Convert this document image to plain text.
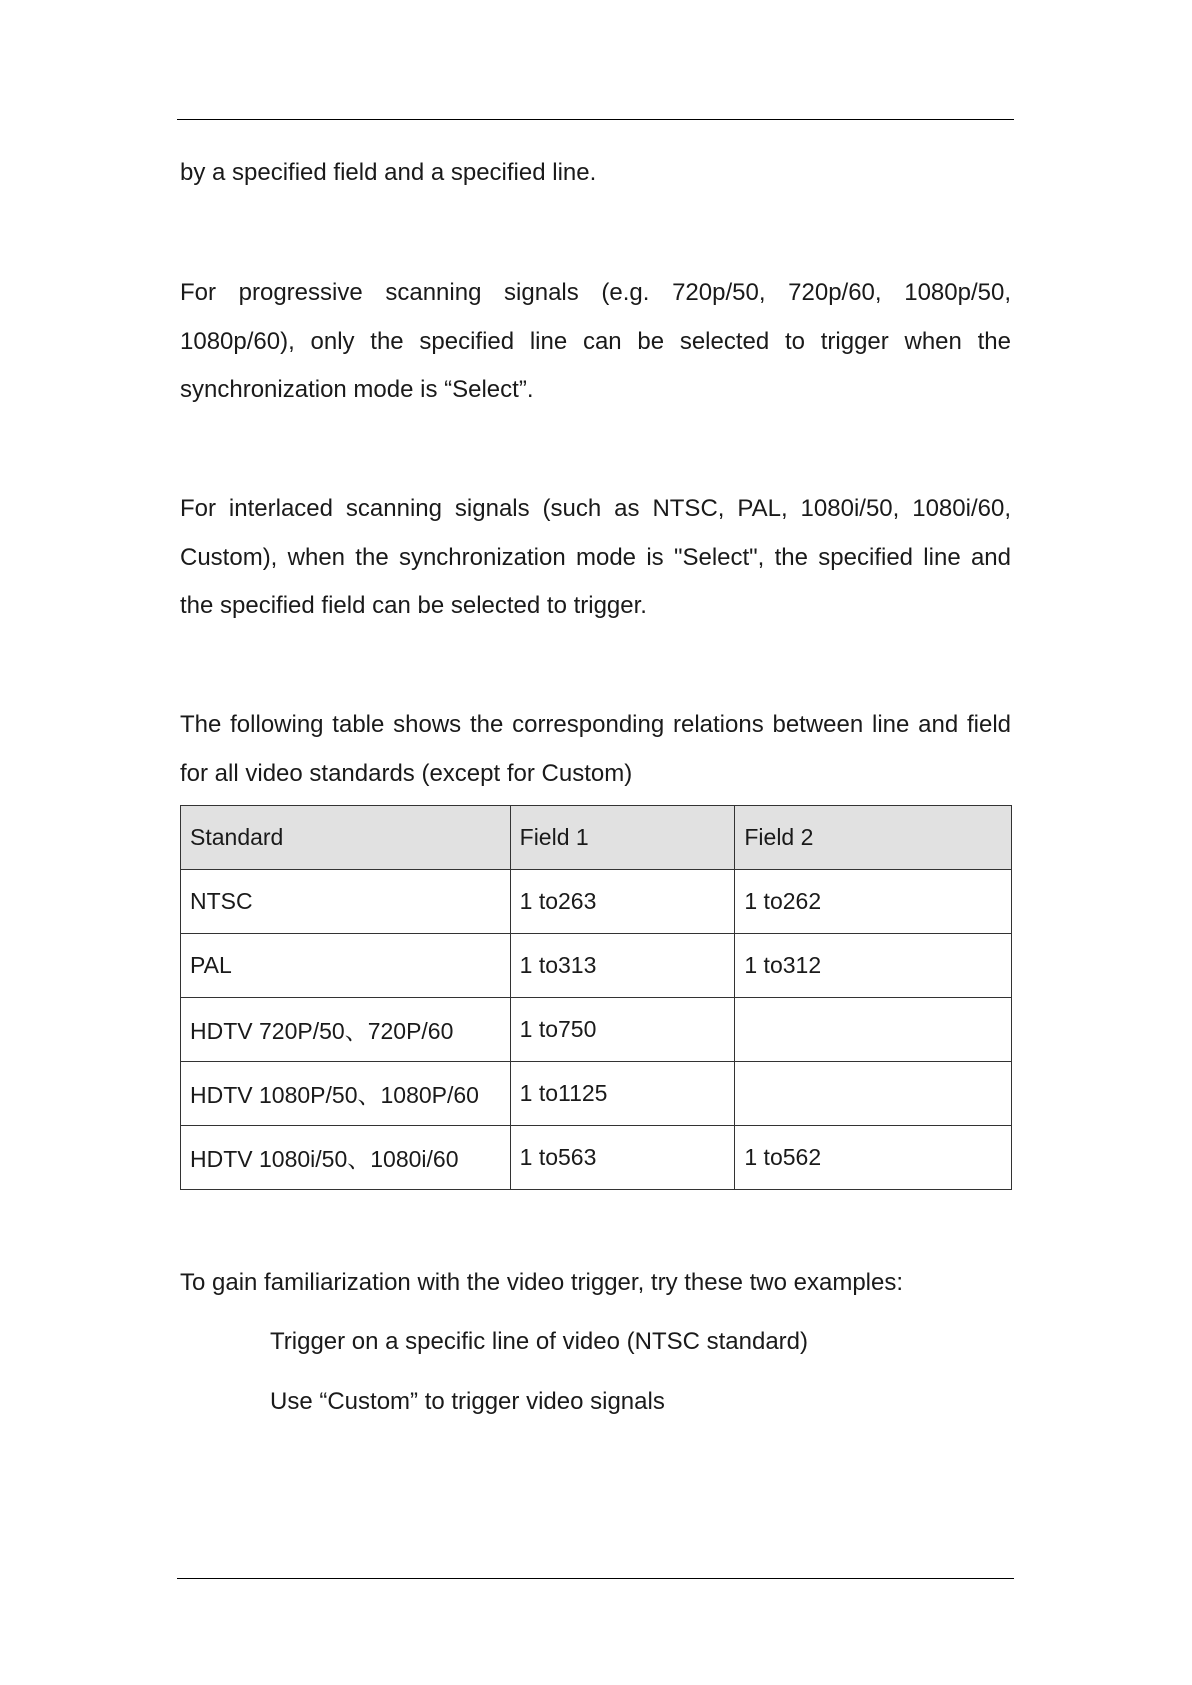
by a specified field and a specified line.

For progressive scanning signals (e.g. 720p/50, 720p/60, 1080p/50, 1080p/60), only the specified line can be selected to trigger when the synchronization mode is “Select”.

For interlaced scanning signals (such as NTSC, PAL, 1080i/50, 1080i/60, Custom), when the synchronization mode is "Select", the specified line and the specified field can be selected to trigger.

The following table shows the corresponding relations between line and field for all video standards (except for Custom)

Standard	Field 1	Field 2
NTSC	1 to263	1 to262
PAL	1 to313	1 to312
HDTV 720P/50、720P/60	1 to750	
HDTV 1080P/50、1080P/60	1 to1125	
HDTV 1080i/50、1080i/60	1 to563	1 to562

To gain familiarization with the video trigger, try these two examples:

Trigger on a specific line of video (NTSC standard)

Use “Custom” to trigger video signals
